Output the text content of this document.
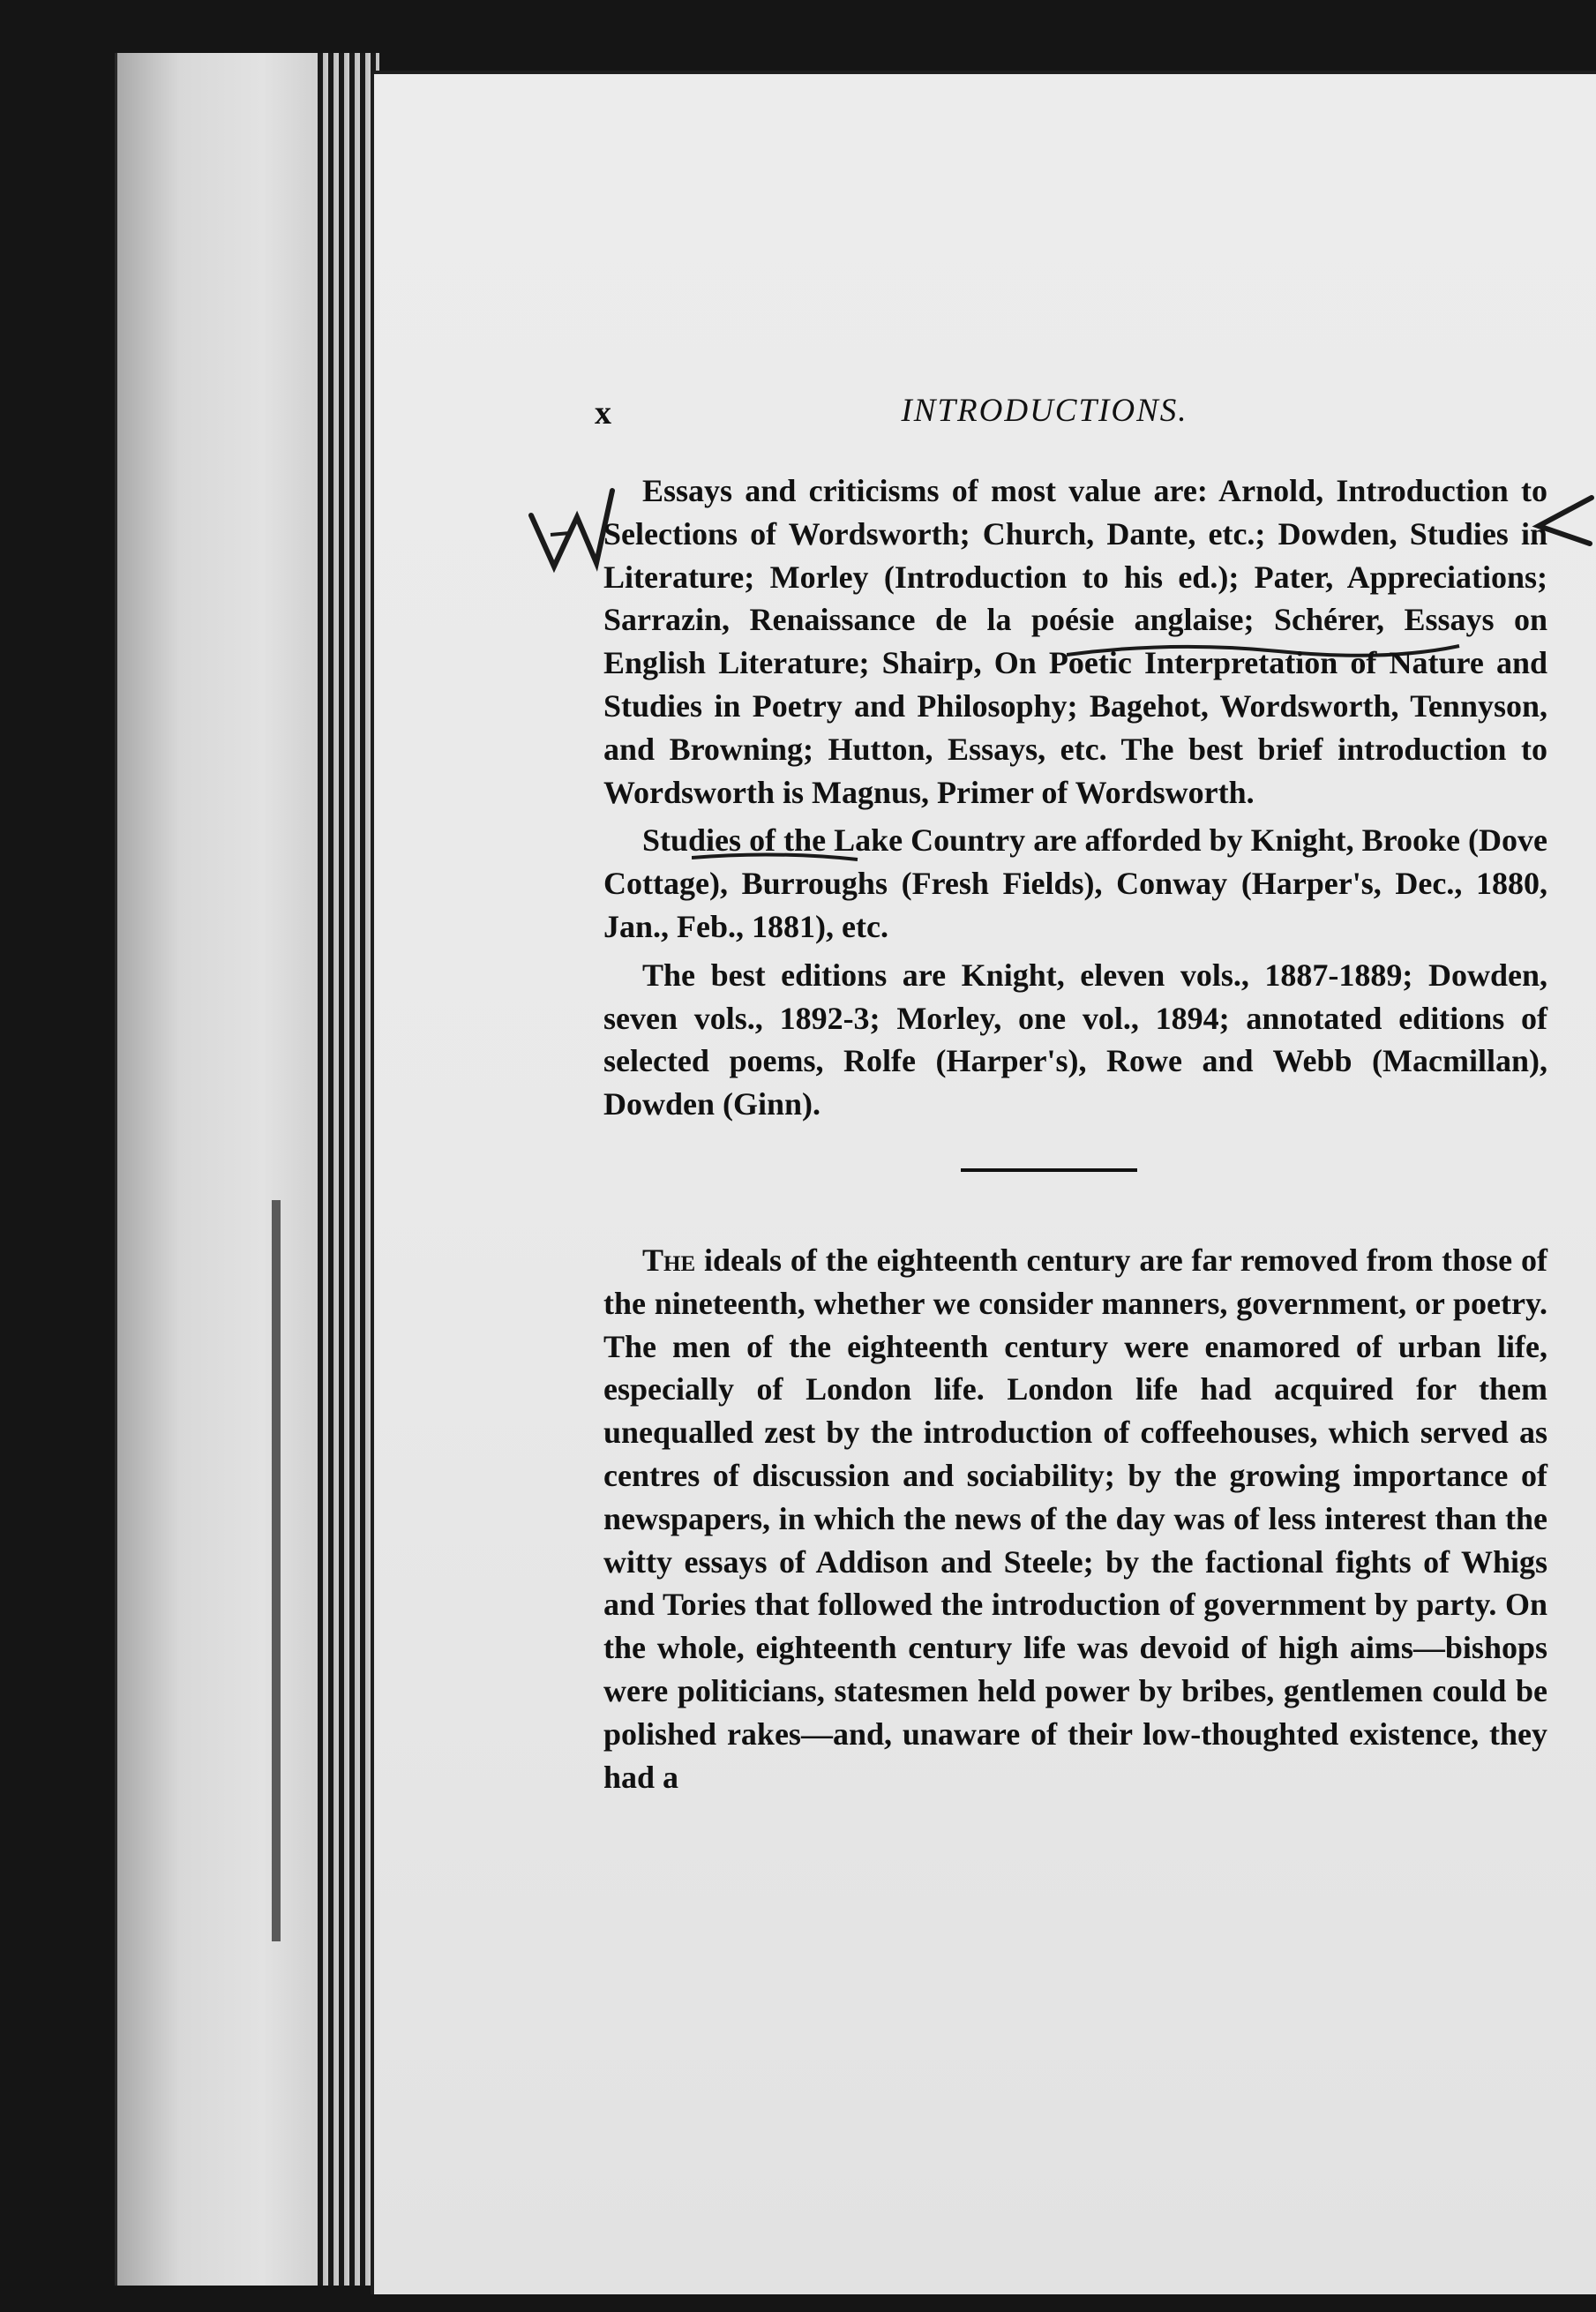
x	INTRODUCTIONS.

Essays and criticisms of most value are: Arnold, Introduction to Selections of Wordsworth; Church, Dante, etc.; Dowden, Studies in Literature; Morley (Introduction to his ed.); Pater, Appreciations; Sarrazin, Renaissance de la poésie anglaise; Schérer, Essays on English Literature; Shairp, On Poetic Interpretation of Nature and Studies in Poetry and Philosophy; Bagehot, Wordsworth, Tennyson, and Browning; Hutton, Essays, etc. The best brief introduction to Wordsworth is Magnus, Primer of Wordsworth.

Studies of the Lake Country are afforded by Knight, Brooke (Dove Cottage), Burroughs (Fresh Fields), Conway (Harper's, Dec., 1880, Jan., Feb., 1881), etc.

The best editions are Knight, eleven vols., 1887-1889; Dowden, seven vols., 1892-3; Morley, one vol., 1894; annotated editions of selected poems, Rolfe (Harper's), Rowe and Webb (Macmillan), Dowden (Ginn).

The ideals of the eighteenth century are far removed from those of the nineteenth, whether we consider manners, government, or poetry. The men of the eighteenth century were enamored of urban life, especially of London life. London life had acquired for them unequalled zest by the introduction of coffeehouses, which served as centres of discussion and sociability; by the growing importance of newspapers, in which the news of the day was of less interest than the witty essays of Addison and Steele; by the factional fights of Whigs and Tories that followed the introduction of government by party. On the whole, eighteenth century life was devoid of high aims—bishops were politicians, statesmen held power by bribes, gentlemen could be polished rakes—and, unaware of their low-thoughted existence, they had a
